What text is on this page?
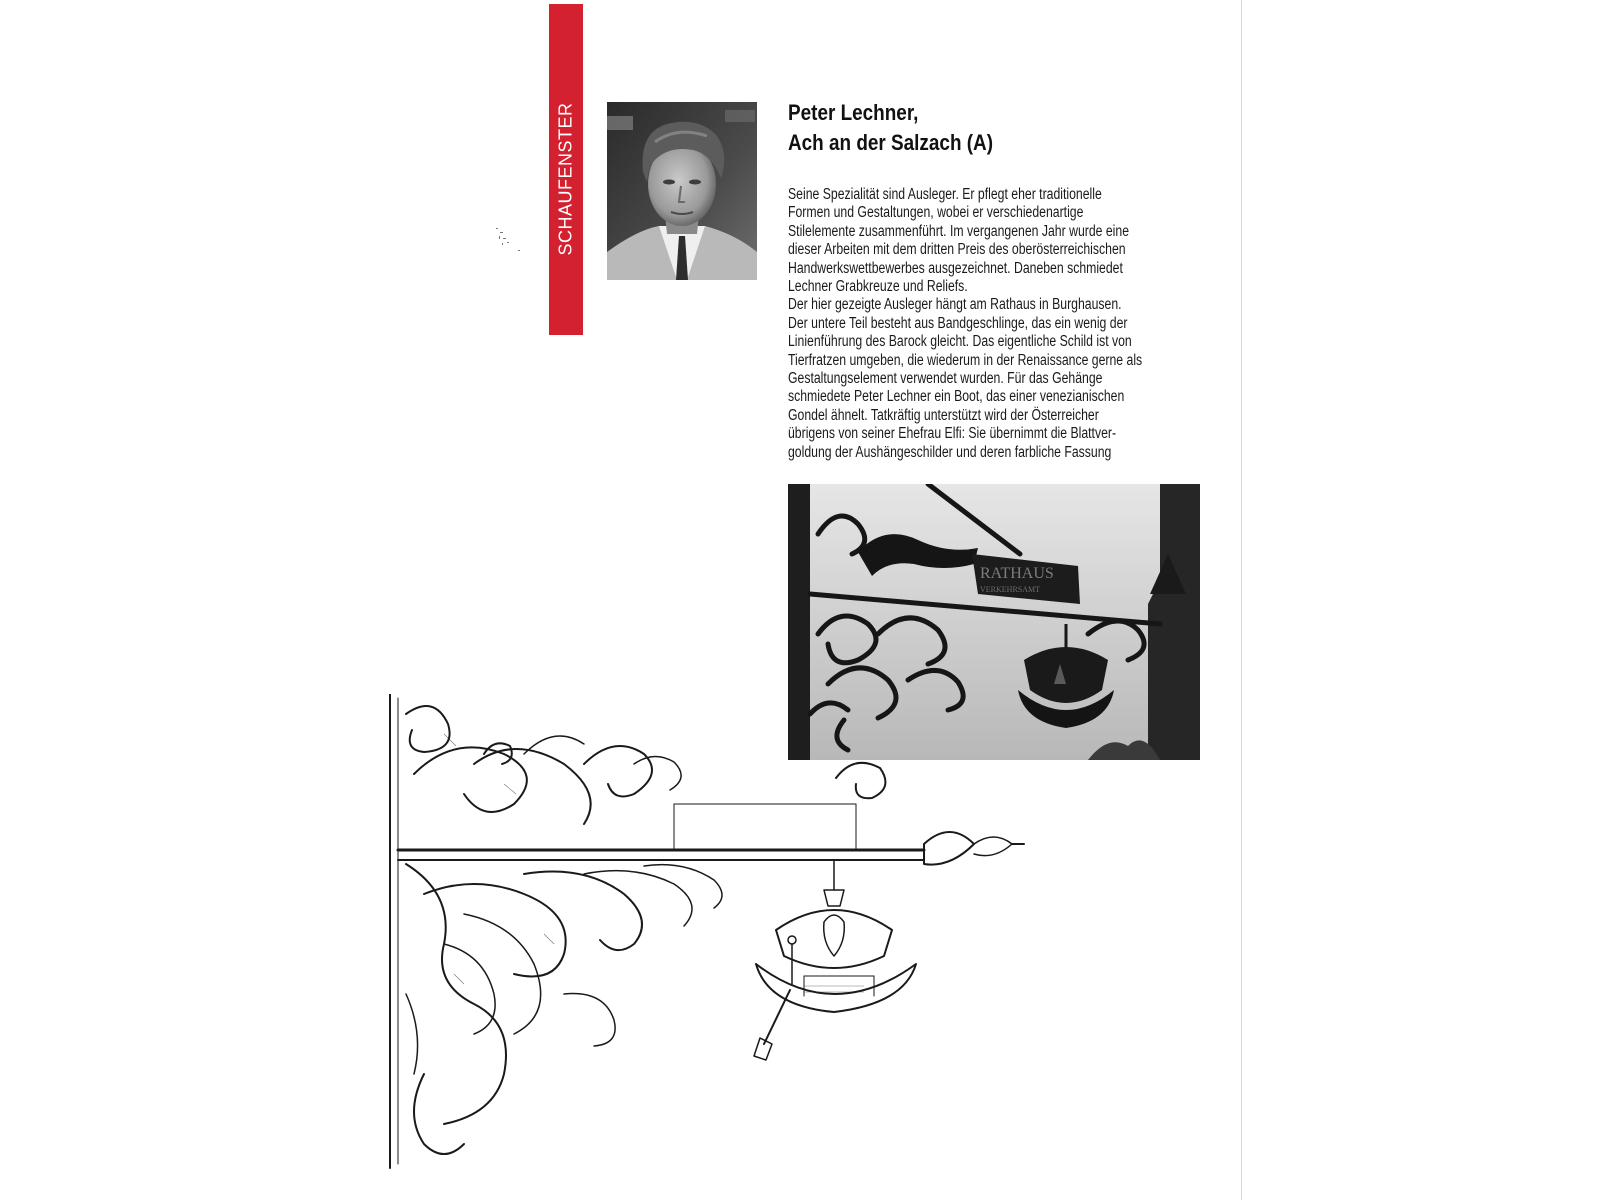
SCHAUFENSTER	Peter Lechner,
Ach an der Salzach (A)
Seine Spezialität sind Ausleger. Er pflegt eher traditionelle
Formen und Gestaltungen, wobei er verschiedenartige
Stilelemente zusammenführt. Im vergangenen Jahr wurde eine
dieser Arbeiten mit dem dritten Preis des oberösterreichischen
Handwerkswettbewerbes ausgezeichnet. Daneben schmiedet
Lechner Grabkreuze und Reliefs.
Der hier gezeigte Ausleger hängt am Rathaus in Burghausen.
Der untere Teil besteht aus Bandgeschlinge, das ein wenig der
Linienführung des Barock gleicht. Das eigentliche Schild ist von
Tierfratzen umgeben, die wiederum in der Renaissance gerne als
Gestaltungselement verwendet wurden. Für das Gehänge
schmiedete Peter Lechner ein Boot, das einer venezianischen
Gondel ähnelt. Tatkräftig unterstützt wird der Österreicher
übrigens von seiner Ehefrau Elfi: Sie übernimmt die Blattver-
goldung der Aushängeschilder und deren farbliche Fassung
RATHAUS
VERKEHRSAMT
